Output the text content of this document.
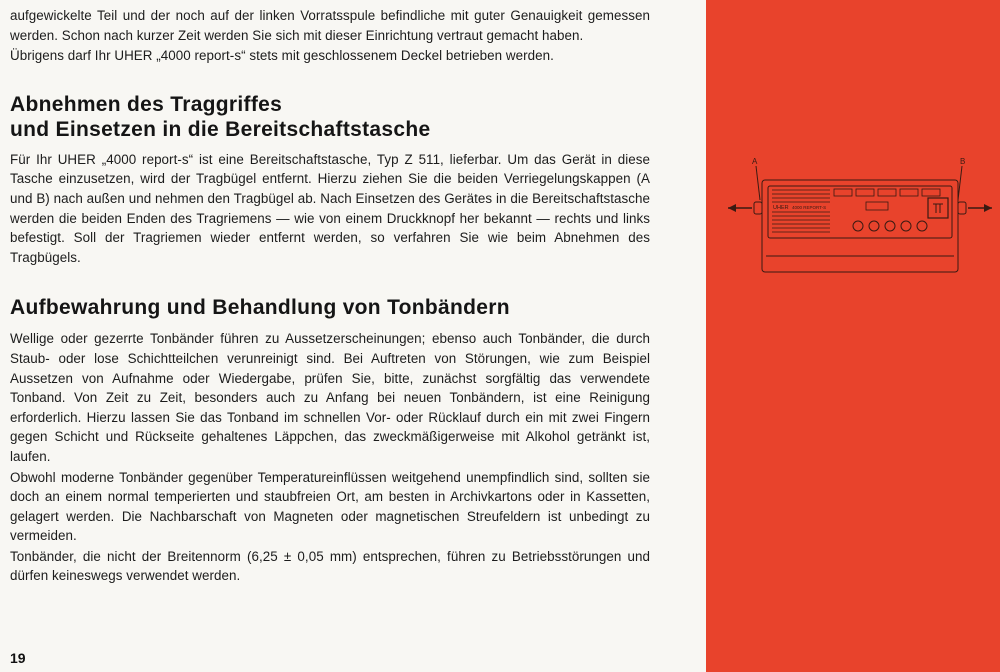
aufgewickelte Teil und der noch auf der linken Vorratsspule befindliche mit guter Genauigkeit gemessen werden. Schon nach kurzer Zeit werden Sie sich mit dieser Einrichtung vertraut gemacht haben.

Übrigens darf Ihr UHER „4000 report-s“ stets mit geschlossenem Deckel betrieben werden.

Abnehmen des Traggriffes
und Einsetzen in die Bereitschaftstasche

Für Ihr UHER „4000 report-s“ ist eine Bereitschaftstasche, Typ Z 511, lieferbar. Um das Gerät in diese Tasche einzusetzen, wird der Tragbügel entfernt. Hierzu ziehen Sie die beiden Verriegelungskappen (A und B) nach außen und nehmen den Tragbügel ab. Nach Einsetzen des Gerätes in die Bereitschaftstasche werden die beiden Enden des Tragriemens — wie von einem Druckknopf her bekannt — rechts und links befestigt. Soll der Tragriemen wieder entfernt werden, so verfahren Sie wie beim Abnehmen des Tragbügels.

Aufbewahrung und Behandlung von Tonbändern

Wellige oder gezerrte Tonbänder führen zu Aussetzerscheinungen; ebenso auch Tonbänder, die durch Staub- oder lose Schichtteilchen verunreinigt sind. Bei Auftreten von Störungen, wie zum Beispiel Aussetzen von Aufnahme oder Wiedergabe, prüfen Sie, bitte, zunächst sorgfältig das verwendete Tonband. Von Zeit zu Zeit, besonders auch zu Anfang bei neuen Tonbändern, ist eine Reinigung erforderlich. Hierzu lassen Sie das Tonband im schnellen Vor- oder Rücklauf durch ein mit zwei Fingern gegen Schicht und Rückseite gehaltenes Läppchen, das zweckmäßigerweise mit Alkohol getränkt ist, laufen.

Obwohl moderne Tonbänder gegenüber Temperatureinflüssen weitgehend unempfindlich sind, sollten sie doch an einem normal temperierten und staubfreien Ort, am besten in Archivkartons oder in Kassetten, gelagert werden. Die Nachbarschaft von Magneten oder magnetischen Streufeldern ist unbedingt zu vermeiden.

Tonbänder, die nicht der Breitennorm (6,25 ± 0,05 mm) entsprechen, führen zu Betriebsstörungen und dürfen keineswegs verwendet werden.

19
A	B
UHER 4000 REPORT-S
